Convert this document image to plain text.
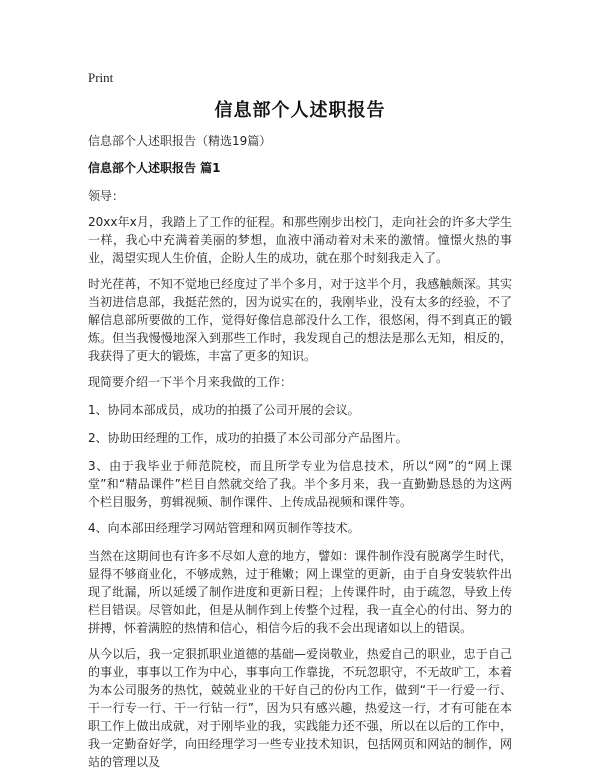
Print
信息部个人述职报告

信息部个人述职报告（精选19篇）

信息部个人述职报告 篇1

领导：

20xx年x月，我踏上了工作的征程。和那些刚步出校门，走向社会的许多大学生一样，我心中充满着美丽的梦想，血液中涌动着对未来的激情。憧憬火热的事业，渴望实现人生价值，企盼人生的成功，就在那个时刻我走入了。

时光荏苒，不知不觉地已经度过了半个多月，对于这半个月，我感触颇深。其实当初进信息部，我挺茫然的，因为说实在的，我刚毕业，没有太多的经验，不了解信息部所要做的工作，觉得好像信息部没什么工作，很悠闲，得不到真正的锻炼。但当我慢慢地深入到那些工作时，我发现自己的想法是那么无知，相反的，我获得了更大的锻炼，丰富了更多的知识。

现简要介绍一下半个月来我做的工作：

1、协同本部成员，成功的拍摄了公司开展的会议。

2、协助田经理的工作，成功的拍摄了本公司部分产品图片。

3、由于我毕业于师范院校，而且所学专业为信息技术，所以“网”的“网上课堂”和“精品课件”栏目自然就交给了我。半个多月来，我一直勤勤恳恳的为这两个栏目服务，剪辑视频、制作课件、上传成品视频和课件等。

4、向本部田经理学习网站管理和网页制作等技术。

当然在这期间也有许多不尽如人意的地方，譬如：课件制作没有脱离学生时代，显得不够商业化，不够成熟，过于稚嫩；网上课堂的更新，由于自身安装软件出现了纰漏，所以延缓了制作进度和更新日程；上传课件时，由于疏忽，导致上传栏目错误。尽管如此，但是从制作到上传整个过程，我一直全心的付出、努力的拼搏，怀着满腔的热情和信心，相信今后的我不会出现诸如以上的错误。

从今以后，我一定狠抓职业道德的基础—爱岗敬业，热爱自己的职业，忠于自己的事业，事事以工作为中心，事事向工作靠拢，不玩忽职守，不无故旷工，本着为本公司服务的热忱，兢兢业业的干好自己的份内工作，做到“干一行爱一行、干一行专一行、干一行钻一行”，因为只有感兴趣，热爱这一行，才有可能在本职工作上做出成就，对于刚毕业的我，实践能力还不强，所以在以后的工作中，我一定勤奋好学，向田经理学习一些专业技术知识，包括网页和网站的制作，网站的管理以及
